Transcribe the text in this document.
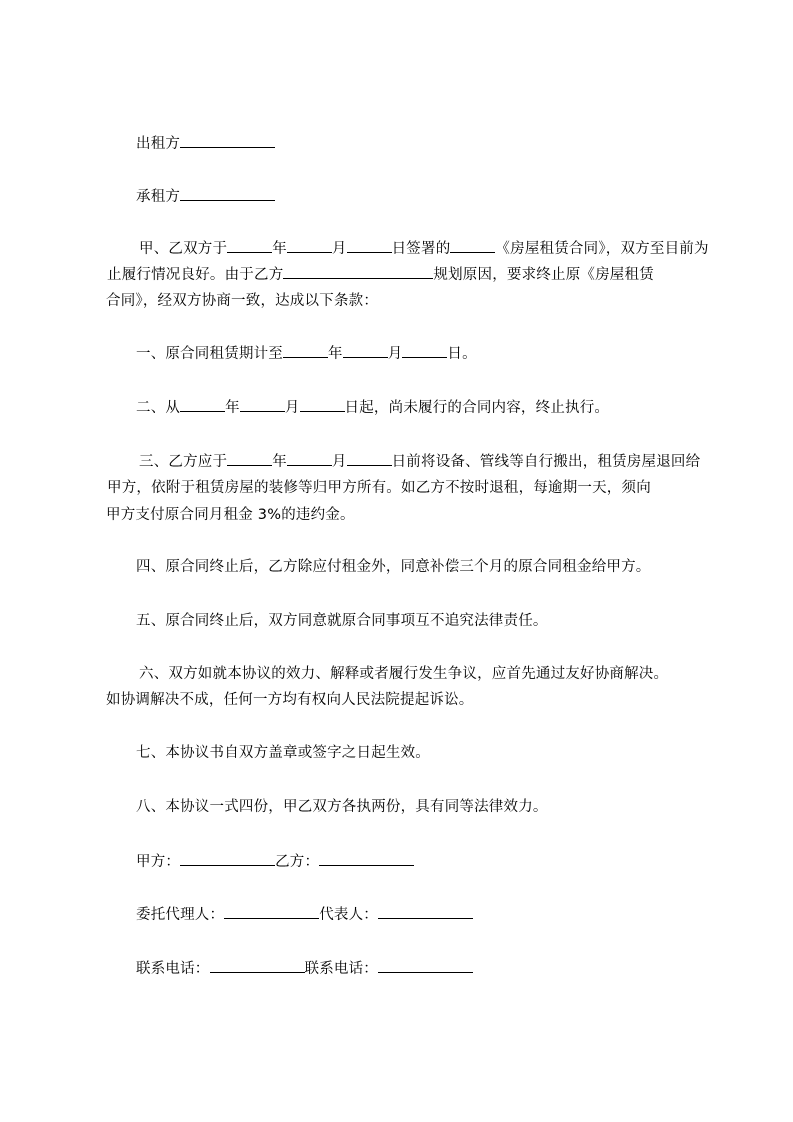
出租方

承租方

甲、乙双方于	年	月	日签署的	《房屋租赁合同》，双方至目前为

止履行情况良好。由于乙方	规划原因，要求终止原《房屋租赁

合同》，经双方协商一致，达成以下条款：

一、原合同租赁期计至	年	月	日。

二、从	年	月	日起，尚未履行的合同内容，终止执行。

三、乙方应于	年	月	日前将设备、管线等自行搬出，租赁房屋退回给

甲方，依附于租赁房屋的装修等归甲方所有。如乙方不按时退租，每逾期一天，须向

甲方支付原合同月租金 3%的违约金。

四、原合同终止后，乙方除应付租金外，同意补偿三个月的原合同租金给甲方。

五、原合同终止后，双方同意就原合同事项互不追究法律责任。

六、双方如就本协议的效力、解释或者履行发生争议，应首先通过友好协商解决。

如协调解决不成，任何一方均有权向人民法院提起诉讼。

七、本协议书自双方盖章或签字之日起生效。

八、本协议一式四份，甲乙双方各执两份，具有同等法律效力。

甲方：	乙方：

委托代理人：	代表人：

联系电话：	联系电话：
